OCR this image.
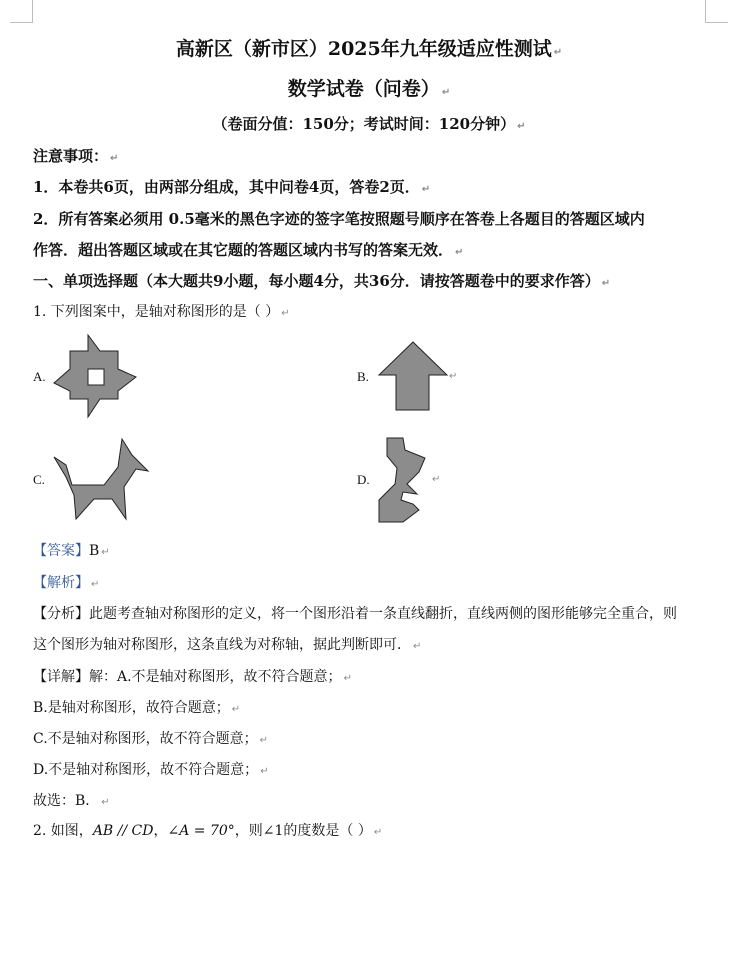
高新区（新市区）2025年九年级适应性测试 ↵
数学试卷（问卷） ↵
（卷面分值：150分；考试时间：120分钟） ↵
注意事项： ↵
1．本卷共6页，由两部分组成，其中问卷4页，答卷2页． ↵
2．所有答案必须用 0.5毫米的黑色字迹的签字笔按照题号顺序在答卷上各题目的答题区域内
作答．超出答题区域或在其它题的答题区域内书写的答案无效． ↵
一、单项选择题（本大题共9小题，每小题4分，共36分．请按答题卷中的要求作答） ↵
1. 下列图案中，是轴对称图形的是（ ） ↵
A.	B.	↵
C.	D.	↵
【答案】B ↵
【解析】 ↵
【分析】此题考查轴对称图形的定义，将一个图形沿着一条直线翻折，直线两侧的图形能够完全重合，则
这个图形为轴对称图形，这条直线为对称轴，据此判断即可． ↵
【详解】解：A.不是轴对称图形，故不符合题意； ↵
B.是轴对称图形，故符合题意； ↵
C.不是轴对称图形，故不符合题意； ↵
D.不是轴对称图形，故不符合题意； ↵
故选：B． ↵
2. 如图，AB // CD，∠A = 70°，则∠1的度数是（ ） ↵
